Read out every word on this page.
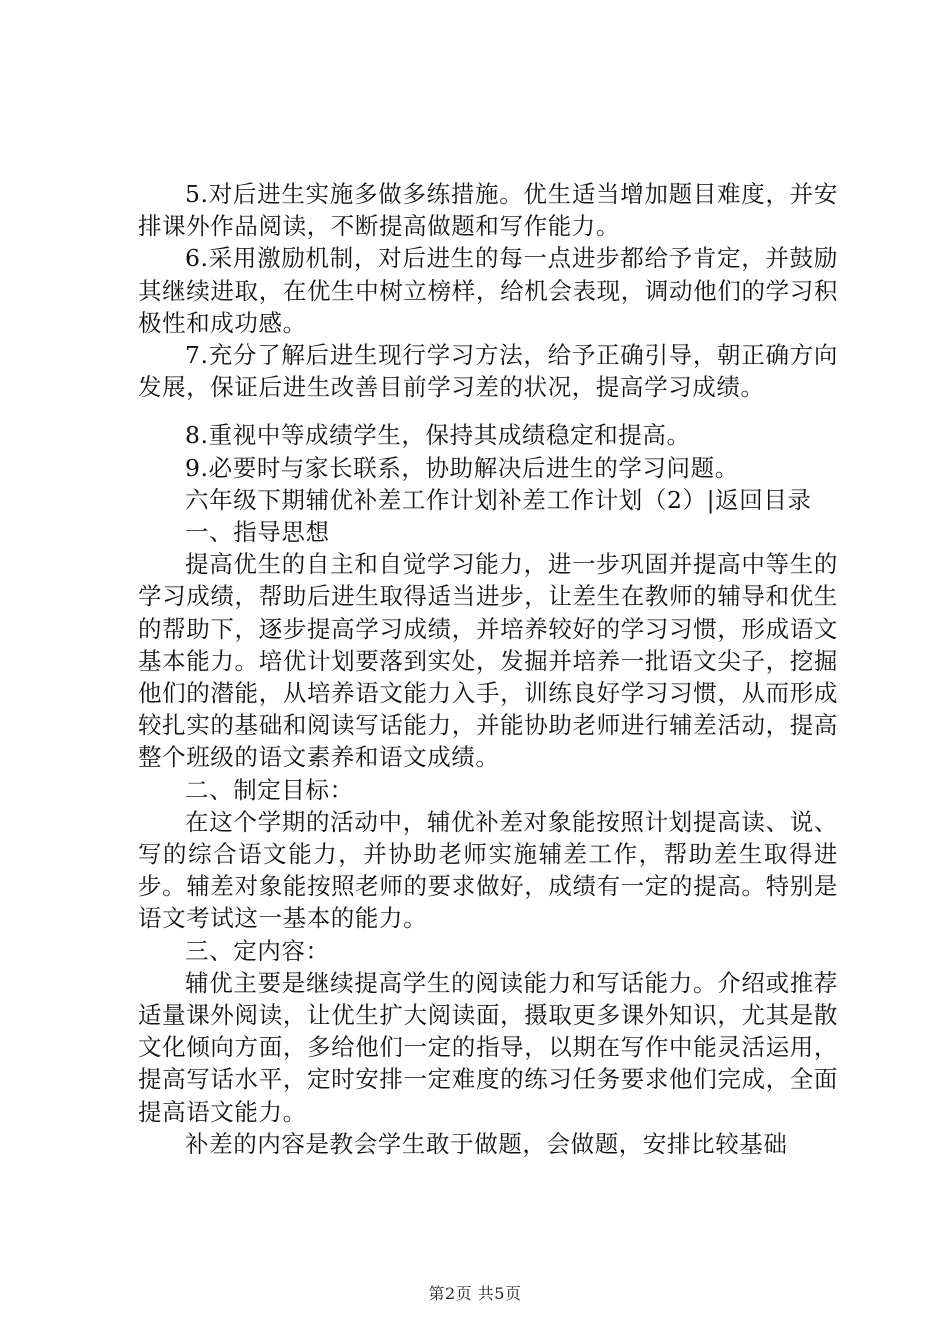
5.对后进生实施多做多练措施。优生适当增加题目难度，并安排课外作品阅读，不断提高做题和写作能力。

6.采用激励机制，对后进生的每一点进步都给予肯定，并鼓励其继续进取，在优生中树立榜样，给机会表现，调动他们的学习积极性和成功感。

7.充分了解后进生现行学习方法，给予正确引导，朝正确方向发展，保证后进生改善目前学习差的状况，提高学习成绩。

8.重视中等成绩学生，保持其成绩稳定和提高。

9.必要时与家长联系，协助解决后进生的学习问题。

六年级下期辅优补差工作计划补差工作计划（2）|返回目录

一、指导思想

提高优生的自主和自觉学习能力，进一步巩固并提高中等生的学习成绩，帮助后进生取得适当进步，让差生在教师的辅导和优生的帮助下，逐步提高学习成绩，并培养较好的学习习惯，形成语文基本能力。培优计划要落到实处，发掘并培养一批语文尖子，挖掘他们的潜能，从培养语文能力入手，训练良好学习习惯，从而形成较扎实的基础和阅读写话能力，并能协助老师进行辅差活动，提高整个班级的语文素养和语文成绩。

二、制定目标：

在这个学期的活动中，辅优补差对象能按照计划提高读、说、写的综合语文能力，并协助老师实施辅差工作，帮助差生取得进步。辅差对象能按照老师的要求做好，成绩有一定的提高。特别是语文考试这一基本的能力。

三、定内容：

辅优主要是继续提高学生的阅读能力和写话能力。介绍或推荐适量课外阅读，让优生扩大阅读面，摄取更多课外知识，尤其是散文化倾向方面，多给他们一定的指导，以期在写作中能灵活运用，提高写话水平，定时安排一定难度的练习任务要求他们完成，全面提高语文能力。

补差的内容是教会学生敢于做题，会做题，安排比较基础

第2页 共5页
